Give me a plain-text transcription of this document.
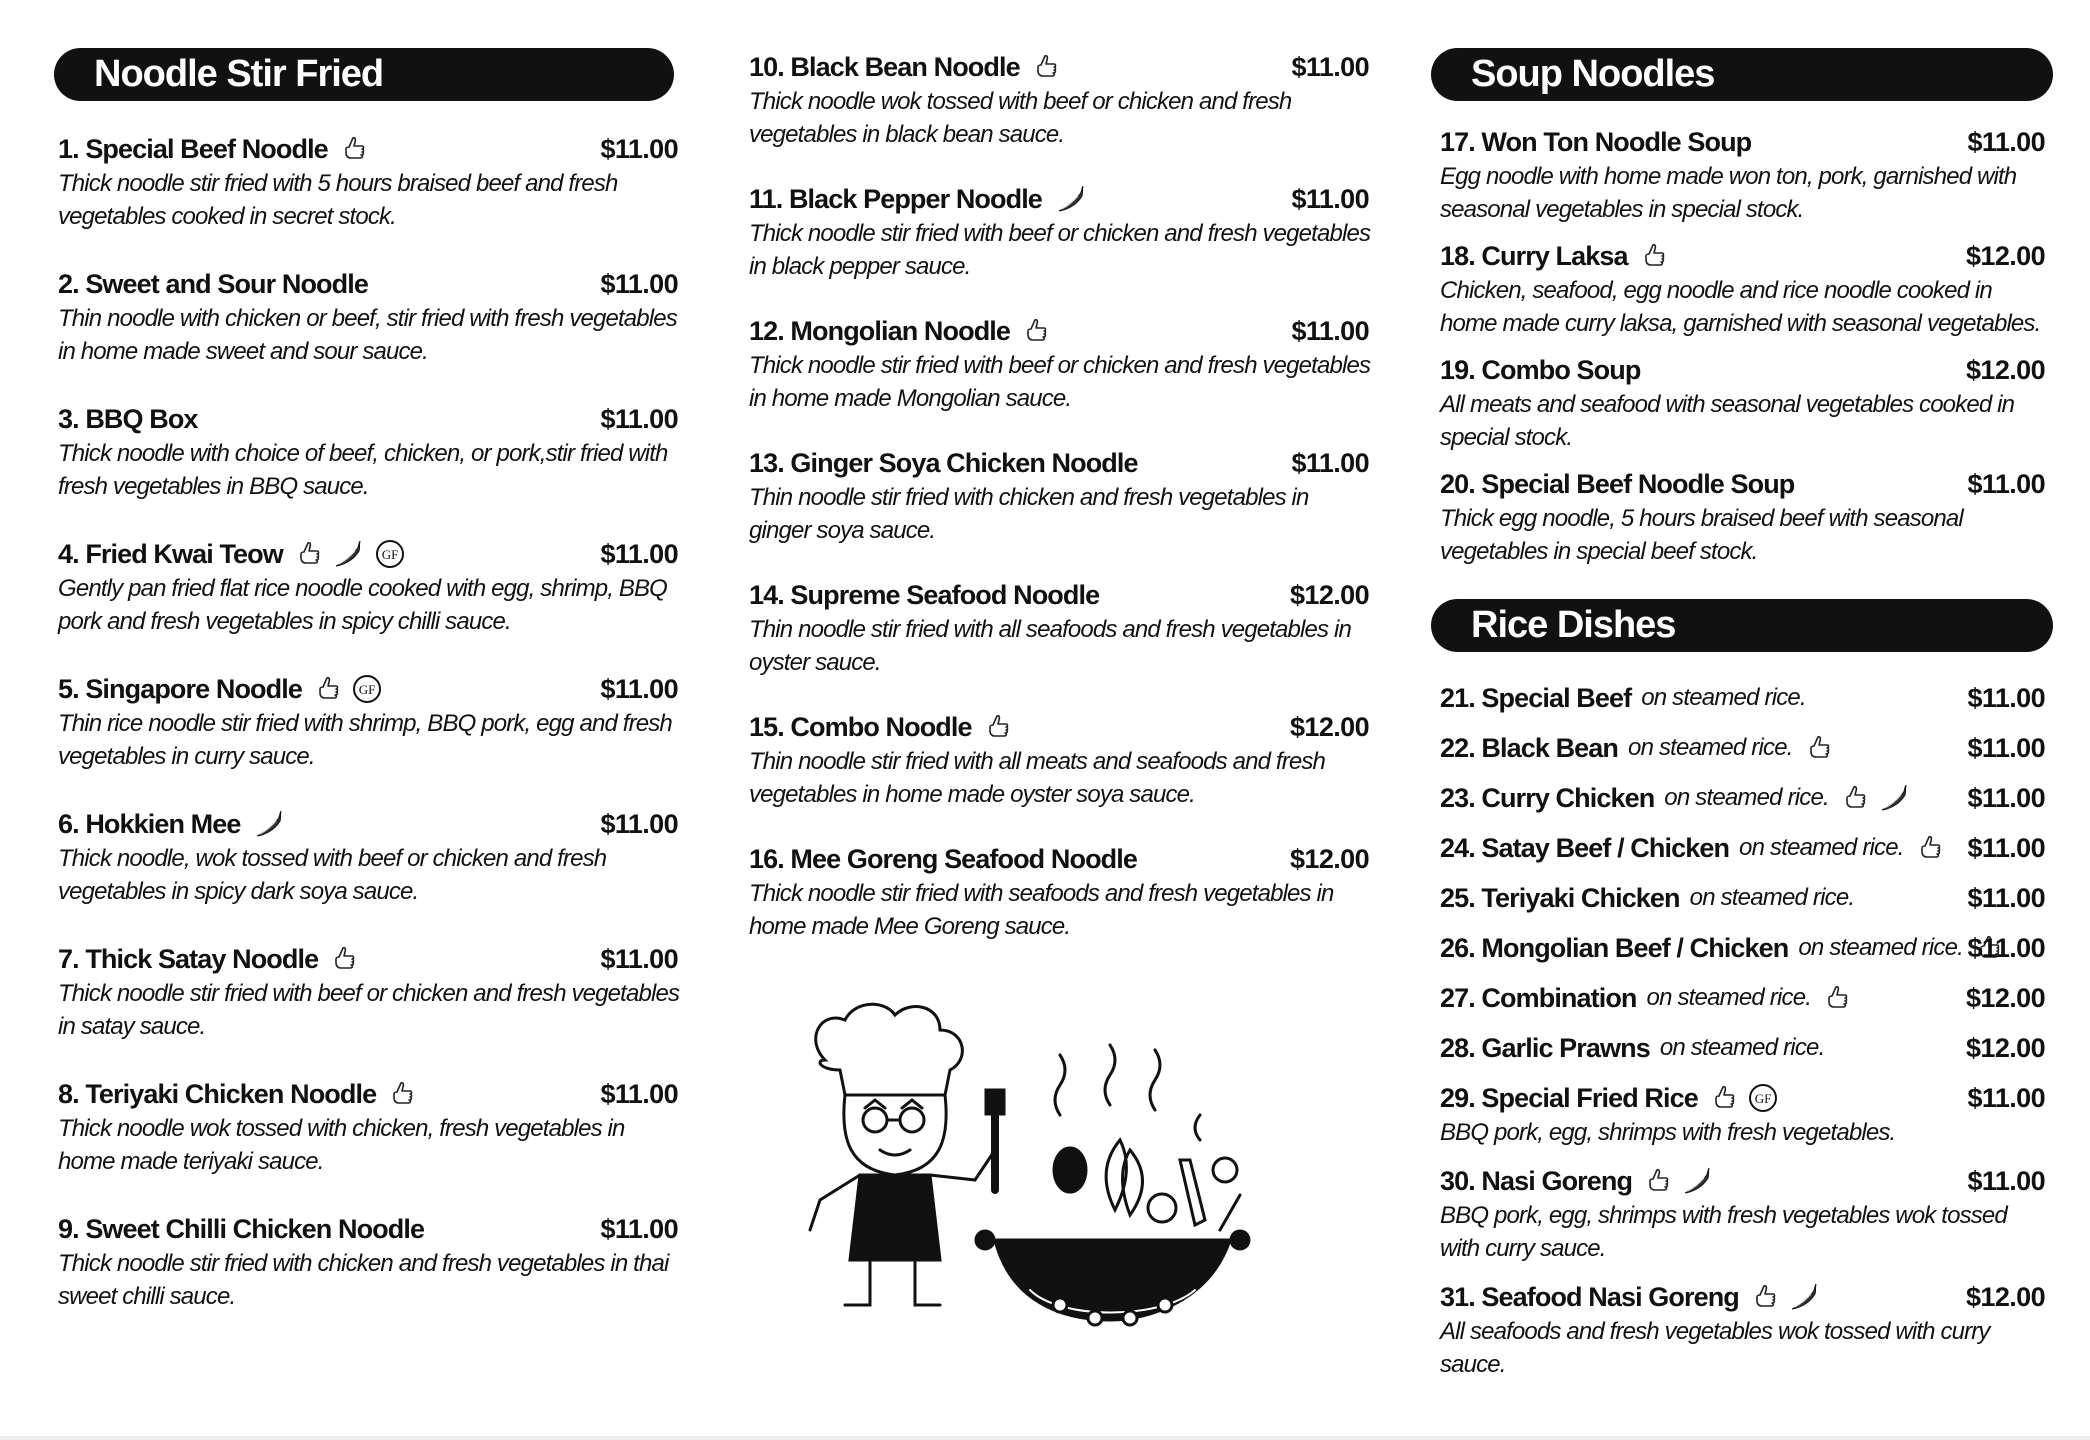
Noodle Stir Fried	Soup Noodles
Rice Dishes
1. Special Beef Noodle	$11.00
Thick noodle stir fried with 5 hours braised beef and fresh
vegetables cooked in secret stock.
2. Sweet and Sour Noodle	$11.00
Thin noodle with chicken or beef, stir fried with fresh vegetables
in home made sweet and sour sauce.
3. BBQ Box	$11.00
Thick noodle with choice of beef, chicken, or pork,stir fried with
fresh vegetables in BBQ sauce.
4. Fried Kwai Teow	GF	$11.00
Gently pan fried flat rice noodle cooked with egg, shrimp, BBQ
pork and fresh vegetables in spicy chilli sauce.
5. Singapore Noodle	GF	$11.00
Thin rice noodle stir fried with shrimp, BBQ pork, egg and fresh
vegetables in curry sauce.
6. Hokkien Mee	$11.00
Thick noodle, wok tossed with beef or chicken and fresh
vegetables in spicy dark soya sauce.
7. Thick Satay Noodle	$11.00
Thick noodle stir fried with beef or chicken and fresh vegetables
in satay sauce.
8. Teriyaki Chicken Noodle	$11.00
Thick noodle wok tossed with chicken, fresh vegetables in
home made teriyaki sauce.
9. Sweet Chilli Chicken Noodle	$11.00
Thick noodle stir fried with chicken and fresh vegetables in thai
sweet chilli sauce.
10. Black Bean Noodle	$11.00
Thick noodle wok tossed with beef or chicken and fresh
vegetables in black bean sauce.
11. Black Pepper Noodle	$11.00
Thick noodle stir fried with beef or chicken and fresh vegetables
in black pepper sauce.
12. Mongolian Noodle	$11.00
Thick noodle stir fried with beef or chicken and fresh vegetables
in home made Mongolian sauce.
13. Ginger Soya Chicken Noodle	$11.00
Thin noodle stir fried with chicken and fresh vegetables in
ginger soya sauce.
14. Supreme Seafood Noodle	$12.00
Thin noodle stir fried with all seafoods and fresh vegetables in
oyster sauce.
15. Combo Noodle	$12.00
Thin noodle stir fried with all meats and seafoods and fresh
vegetables in home made oyster soya sauce.
16. Mee Goreng Seafood Noodle	$12.00
Thick noodle stir fried with seafoods and fresh vegetables in
home made Mee Goreng sauce.
17. Won Ton Noodle Soup	$11.00
Egg noodle with home made won ton, pork, garnished with
seasonal vegetables in special stock.
18. Curry Laksa	$12.00
Chicken, seafood, egg noodle and rice noodle cooked in
home made curry laksa, garnished with seasonal vegetables.
19. Combo Soup	$12.00
All meats and seafood with seasonal vegetables cooked in
special stock.
20. Special Beef Noodle Soup	$11.00
Thick egg noodle, 5 hours braised beef with seasonal
vegetables in special beef stock.
21. Special Beef on steamed rice.	$11.00
22. Black Bean on steamed rice.	$11.00
23. Curry Chicken on steamed rice.	$11.00
24. Satay Beef / Chicken on steamed rice. $11.00
25. Teriyaki Chicken on steamed rice.	$11.00
26. Mongolian Beef / Chicken on steamed rice. $11.00
27. Combination on steamed rice.	$12.00
28. Garlic Prawns on steamed rice.	$12.00
29. Special Fried Rice	GF	$11.00
BBQ pork, egg, shrimps with fresh vegetables.
30. Nasi Goreng	$11.00
BBQ pork, egg, shrimps with fresh vegetables wok tossed
with curry sauce.
31. Seafood Nasi Goreng	$12.00
All seafoods and fresh vegetables wok tossed with curry
sauce.
